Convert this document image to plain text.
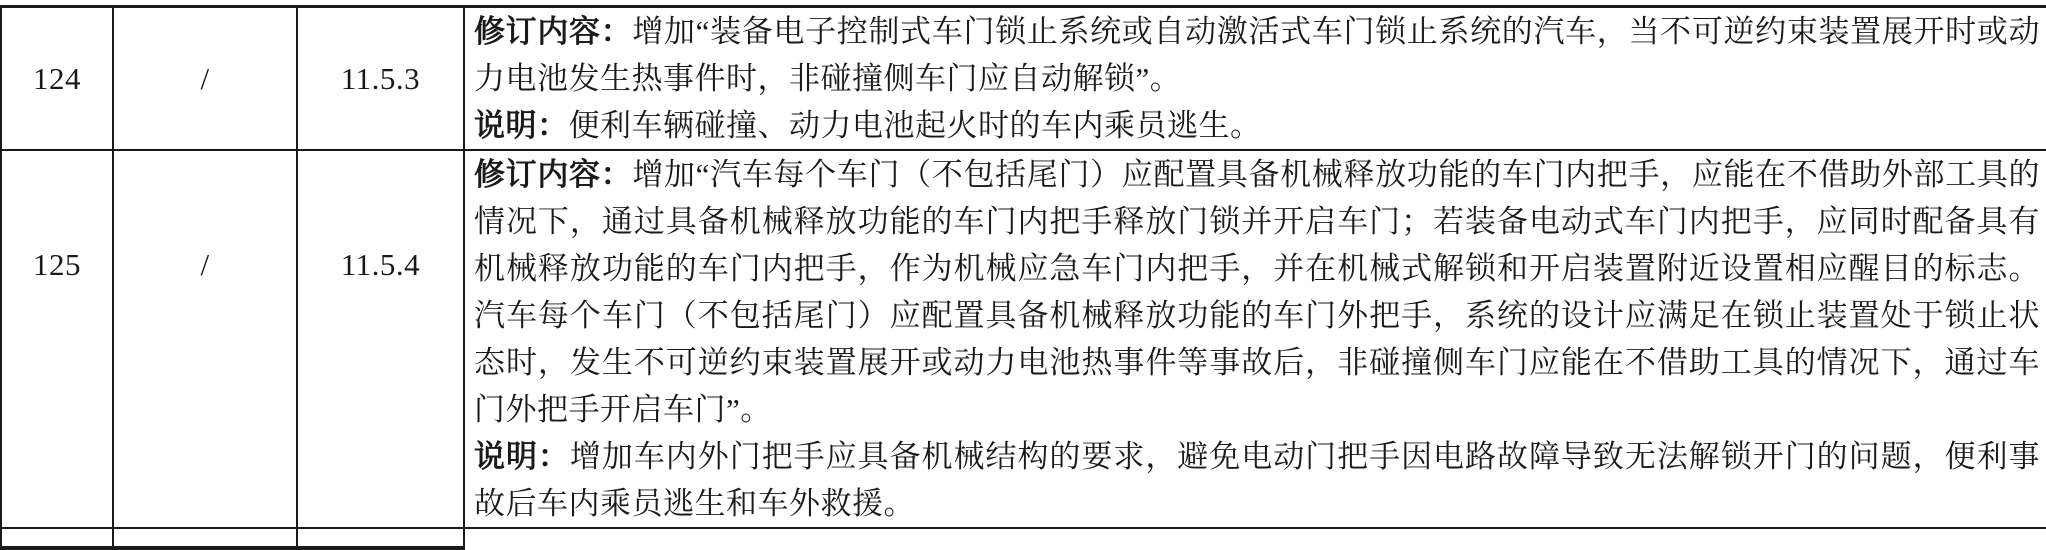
124	/	11.5.3	修订内容：增加“装备电子控制式车门锁止系统或自动激活式车门锁止系统的汽车，当不可逆约束装置展开时或动力电池发生热事件时，非碰撞侧车门应自动解锁”。
说明：便利车辆碰撞、动力电池起火时的车内乘员逃生。

125	/	11.5.4	修订内容：增加“汽车每个车门（不包括尾门）应配置具备机械释放功能的车门内把手，应能在不借助外部工具的情况下，通过具备机械释放功能的车门内把手释放门锁并开启车门；若装备电动式车门内把手，应同时配备具有机械释放功能的车门内把手，作为机械应急车门内把手，并在机械式解锁和开启装置附近设置相应醒目的标志。汽车每个车门（不包括尾门）应配置具备机械释放功能的车门外把手，系统的设计应满足在锁止装置处于锁止状态时，发生不可逆约束装置展开或动力电池热事件等事故后，非碰撞侧车门应能在不借助工具的情况下，通过车门外把手开启车门”。
说明：增加车内外门把手应具备机械结构的要求，避免电动门把手因电路故障导致无法解锁开门的问题，便利事故后车内乘员逃生和车外救援。
